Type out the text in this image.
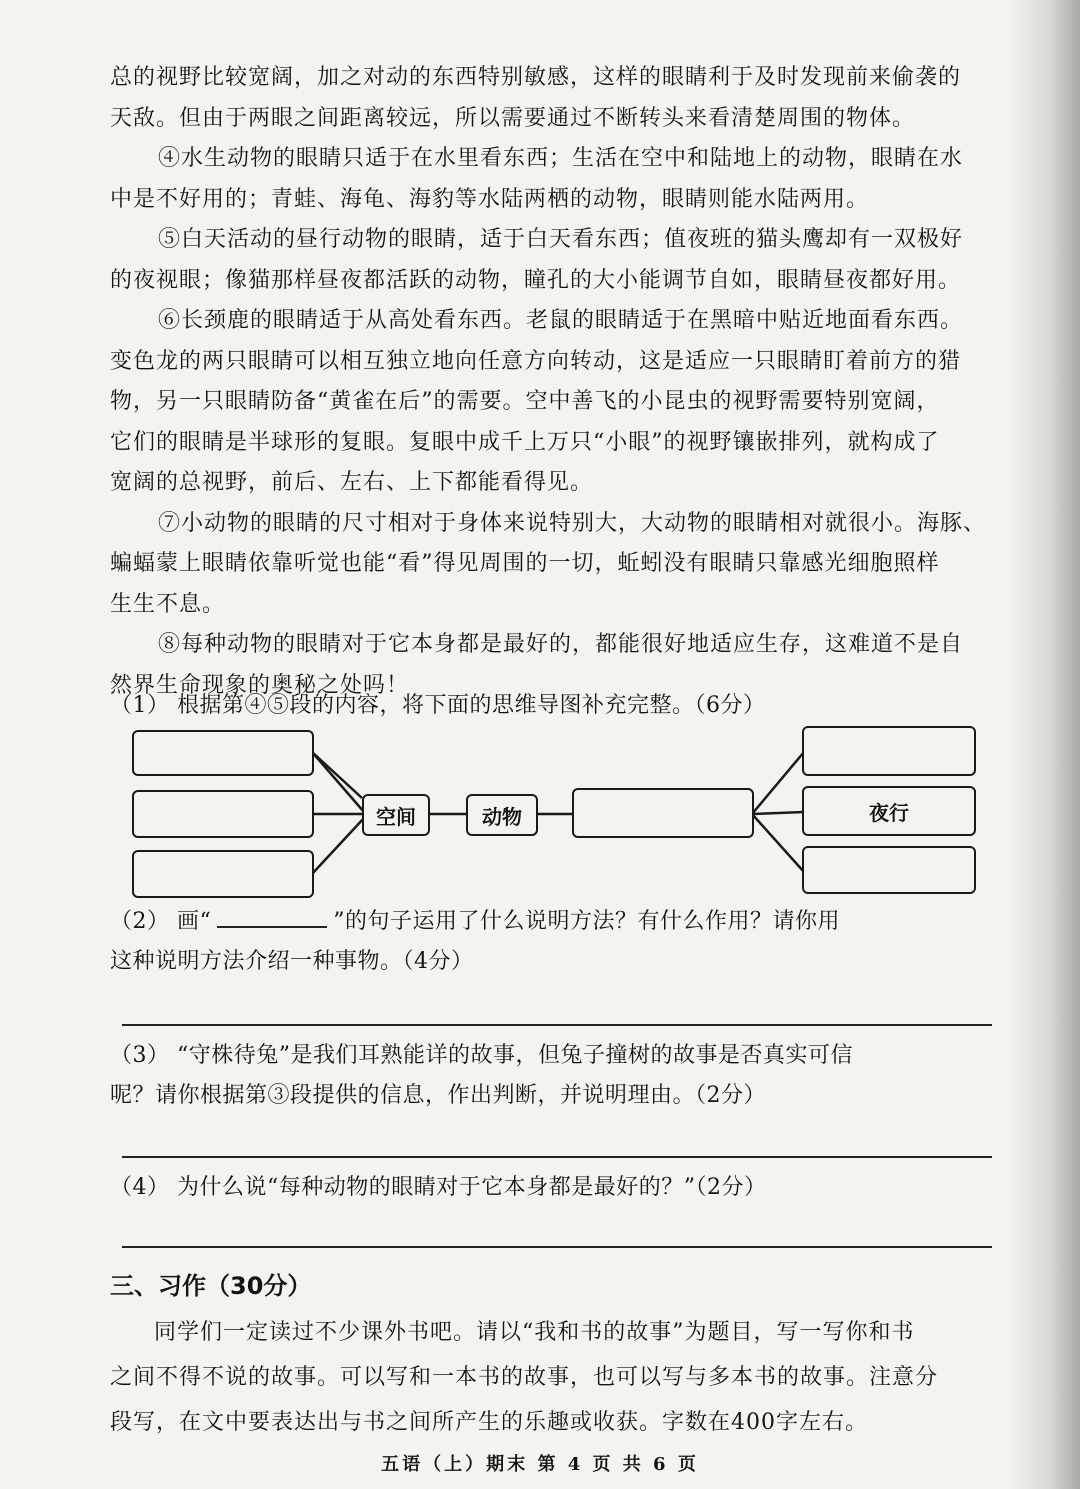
总的视野比较宽阔，加之对动的东西特别敏感，这样的眼睛利于及时发现前来偷袭的
天敌。但由于两眼之间距离较远，所以需要通过不断转头来看清楚周围的物体。
④水生动物的眼睛只适于在水里看东西；生活在空中和陆地上的动物，眼睛在水
中是不好用的；青蛙、海龟、海豹等水陆两栖的动物，眼睛则能水陆两用。
⑤白天活动的昼行动物的眼睛，适于白天看东西；值夜班的猫头鹰却有一双极好
的夜视眼；像猫那样昼夜都活跃的动物，瞳孔的大小能调节自如，眼睛昼夜都好用。
⑥长颈鹿的眼睛适于从高处看东西。老鼠的眼睛适于在黑暗中贴近地面看东西。
变色龙的两只眼睛可以相互独立地向任意方向转动，这是适应一只眼睛盯着前方的猎
物，另一只眼睛防备“黄雀在后”的需要。空中善飞的小昆虫的视野需要特别宽阔，
它们的眼睛是半球形的复眼。复眼中成千上万只“小眼”的视野镶嵌排列，就构成了
宽阔的总视野，前后、左右、上下都能看得见。
⑦小动物的眼睛的尺寸相对于身体来说特别大，大动物的眼睛相对就很小。海豚、
蝙蝠蒙上眼睛依靠听觉也能“看”得见周围的一切，蚯蚓没有眼睛只靠感光细胞照样
生生不息。
⑧每种动物的眼睛对于它本身都是最好的，都能很好地适应生存，这难道不是自
然界生命现象的奥秘之处吗！

（1） 根据第④⑤段的内容，将下面的思维导图补充完整。（6分）

空间	动物	夜行

（2） 画“	”的句子运用了什么说明方法？有什么作用？请你用
这种说明方法介绍一种事物。（4分）

（3） “守株待兔”是我们耳熟能详的故事，但兔子撞树的故事是否真实可信
呢？请你根据第③段提供的信息，作出判断，并说明理由。（2分）

（4） 为什么说“每种动物的眼睛对于它本身都是最好的？”（2分）

三、习作（30分）
同学们一定读过不少课外书吧。请以“我和书的故事”为题目，写一写你和书
之间不得不说的故事。可以写和一本书的故事，也可以写与多本书的故事。注意分
段写，在文中要表达出与书之间所产生的乐趣或收获。字数在400字左右。
五语（上）期末 第 4 页 共 6 页
